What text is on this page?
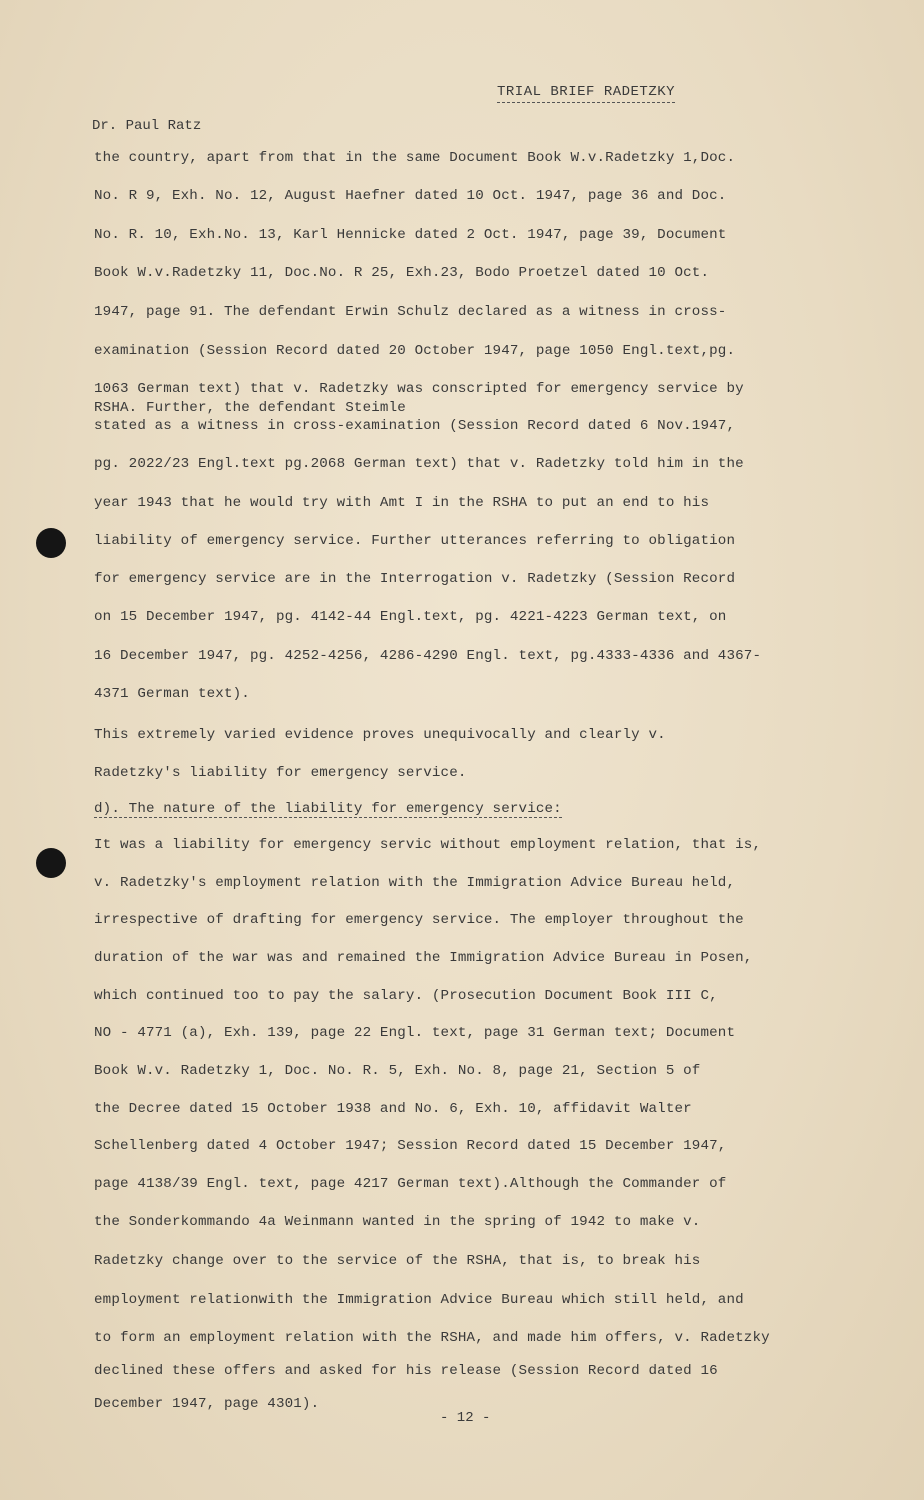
TRIAL BRIEF RADETZKY
Dr. Paul Ratz
the country, apart from that in the same Document Book W.v.Radetzky 1,Doc.
No. R 9, Exh. No. 12, August Haefner dated 10 Oct. 1947, page 36 and Doc.
No. R. 10, Exh.No. 13, Karl Hennicke dated 2 Oct. 1947, page 39, Document
Book W.v.Radetzky 11, Doc.No. R 25, Exh.23, Bodo Proetzel dated 10 Oct.
1947, page 91. The defendant Erwin Schulz declared as a witness in cross-
examination (Session Record dated 20 October 1947, page 1050 Engl.text,pg.
1063 German text) that v. Radetzky was conscripted for emergency service by
RSHA. Further, the defendant Steimle
stated as a witness in cross-examination (Session Record dated 6 Nov.1947,
pg. 2022/23 Engl.text pg.2068 German text) that v. Radetzky told him in the
year 1943 that he would try with Amt I in the RSHA to put an end to his
liability of emergency service. Further utterances referring to obligation
for emergency service are in the Interrogation v. Radetzky (Session Record
on 15 December 1947, pg. 4142-44 Engl.text, pg. 4221-4223 German text, on
16 December 1947, pg. 4252-4256, 4286-4290 Engl. text, pg.4333-4336 and 4367-
4371 German text).
This extremely varied evidence proves unequivocally and clearly v.
Radetzky's liability for emergency service.
d). The nature of the liability for emergency service:
It was a liability for emergency servic without employment relation, that is,
v. Radetzky's employment relation with the Immigration Advice Bureau held,
irrespective of drafting for emergency service. The employer throughout the
duration of the war was and remained the Immigration Advice Bureau in Posen,
which continued too to pay the salary. (Prosecution Document Book III C,
NO - 4771 (a), Exh. 139, page 22 Engl. text, page 31 German text; Document
Book W.v. Radetzky 1, Doc. No. R. 5, Exh. No. 8, page 21, Section 5 of
the Decree dated 15 October 1938 and No. 6, Exh. 10, affidavit Walter
Schellenberg dated 4 October 1947; Session Record dated 15 December 1947,
page 4138/39 Engl. text, page 4217 German text).Although the Commander of
the Sonderkommando 4a Weinmann wanted in the spring of 1942 to make v.
Radetzky change over to the service of the RSHA, that is, to break his
employment relationwith the Immigration Advice Bureau which still held, and
to form an employment relation with the RSHA, and made him offers, v. Radetzky
declined these offers and asked for his release (Session Record dated 16
December 1947, page 4301).
- 12 -
